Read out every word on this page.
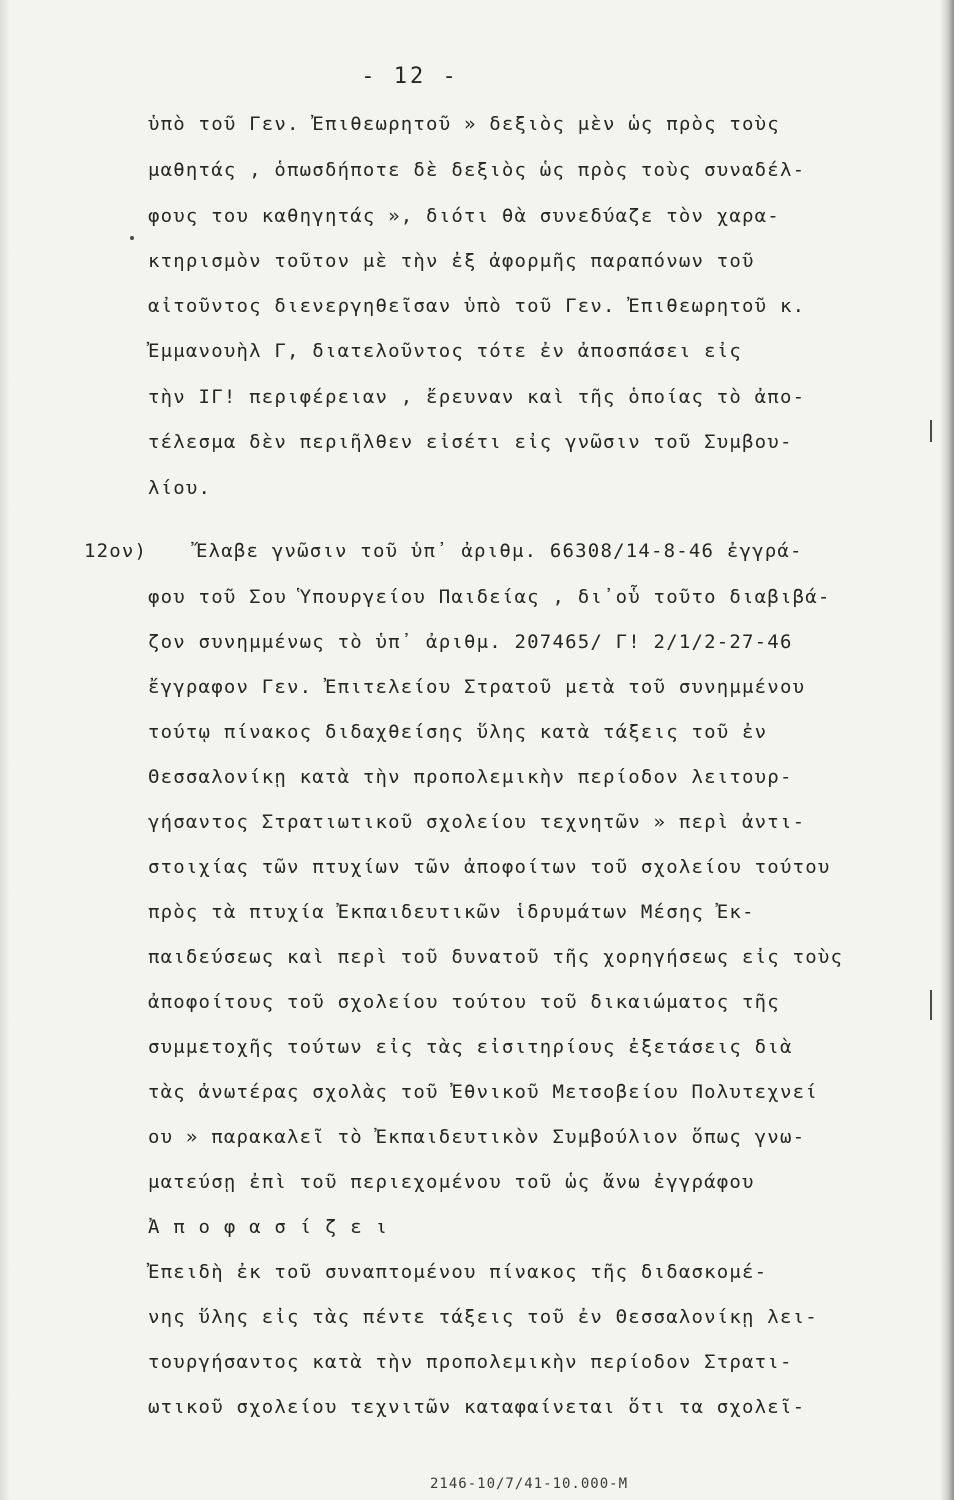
- 12 -
12ον)
ὑπὸ τοῦ Γεν. Ἐπιθεωρητοῦ » δεξιὸς μὲν ὡς πρὸς τοὺς
μαθητάς , ὁπωσδήποτε δὲ δεξιὸς ὡς πρὸς τοὺς συναδέλ-
φους του καθηγητάς », διότι θὰ συνεδύαζε τὸν χαρα-
κτηρισμὸν τοῦτον μὲ τὴν ἐξ ἀφορμῆς παραπόνων τοῦ
αἰτοῦντος διενεργηθεῖσαν ὑπὸ τοῦ Γεν. Ἐπιθεωρητοῦ κ.
Ἐμμανουὴλ Γ, διατελοῦντος τότε ἐν ἀποσπάσει εἰς
τὴν ΙΓ! περιφέρειαν , ἔρευναν καὶ τῆς ὁποίας τὸ ἀπο-
τέλεσμα δὲν περιῆλθεν εἰσέτι εἰς γνῶσιν τοῦ Συμβου-
λίου.
Ἔλαβε γνῶσιν τοῦ ὑπ᾽ ἀριθμ. 66308/14-8-46 ἐγγρά-
φου τοῦ Σου Ὑπουργείου Παιδείας , δι᾽οὗ τοῦτο διαβιβά-
ζον συνημμένως τὸ ὑπ᾽ ἀριθμ. 207465/ Γ! 2/1/2-27-46
ἔγγραφον Γεν. Ἐπιτελείου Στρατοῦ μετὰ τοῦ συνημμένου
τούτῳ πίνακος διδαχθείσης ὕλης κατὰ τάξεις τοῦ ἐν
Θεσσαλονίκῃ κατὰ τὴν προπολεμικὴν περίοδον λειτουρ-
γήσαντος Στρατιωτικοῦ σχολείου τεχνητῶν » περὶ ἀντι-
στοιχίας τῶν πτυχίων τῶν ἀποφοίτων τοῦ σχολείου τούτου
πρὸς τὰ πτυχία Ἐκπαιδευτικῶν ἱδρυμάτων Μέσης Ἐκ-
παιδεύσεως καὶ περὶ τοῦ δυνατοῦ τῆς χορηγήσεως εἰς τοὺς
ἀποφοίτους τοῦ σχολείου τούτου τοῦ δικαιώματος τῆς
συμμετοχῆς τούτων εἰς τὰς εἰσιτηρίους ἐξετάσεις διὰ
τὰς ἀνωτέρας σχολὰς τοῦ Ἐθνικοῦ Μετσοβείου Πολυτεχνεί
ου » παρακαλεῖ τὸ Ἐκπαιδευτικὸν Συμβούλιον ὅπως γνω-
ματεύσῃ ἐπὶ τοῦ περιεχομένου τοῦ ὡς ἄνω ἐγγράφου
Ἀ π ο φ α σ ί ζ ε ι
Ἐπειδὴ ἐκ τοῦ συναπτομένου πίνακος τῆς διδασκομέ-
νης ὕλης εἰς τὰς πέντε τάξεις τοῦ ἐν Θεσσαλονίκῃ λει-
τουργήσαντος κατὰ τὴν προπολεμικὴν περίοδον Στρατι-
ωτικοῦ σχολείου τεχνιτῶν καταφαίνεται ὅτι τα σχολεῖ-
2146-10/7/41-10.000-M
